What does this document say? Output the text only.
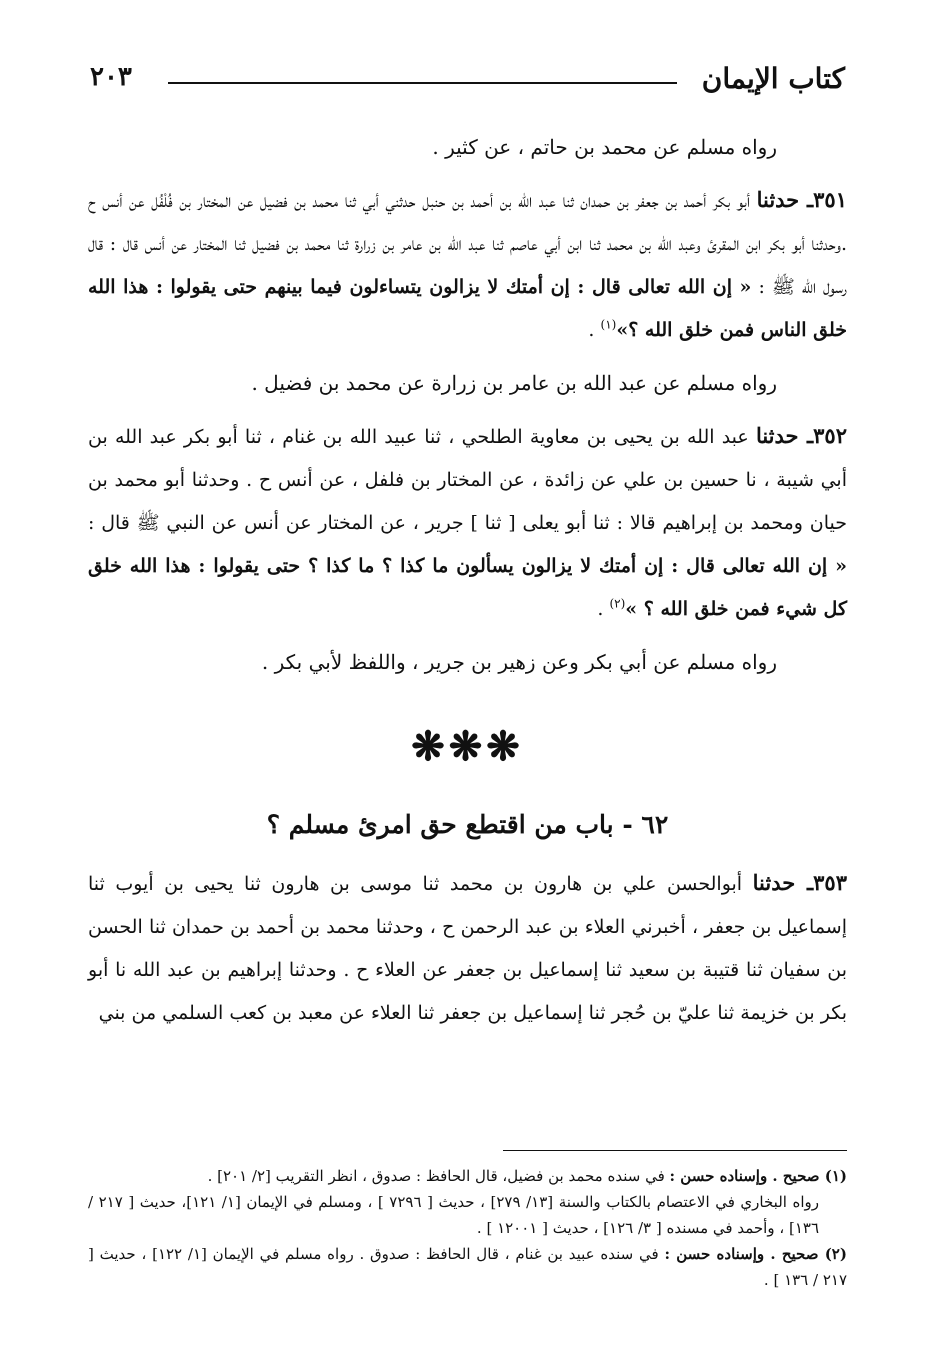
كتاب الإيمان
٢٠٣

رواه مسلم عن محمد بن حاتم ، عن كثير .

٣٥١ـ حدثنا أبو بكر أحمد بن جعفر بن حمدان ثنا عبد الله بن أحمد بن حنبل حدثني أبي ثنا محمد بن فضيل عن المختار بن فُلْفُل عن أنس ح .وحدثنا أبو بكر ابن المقرئ وعبد الله بن محمد ثنا ابن أبي عاصم ثنا عبد الله بن عامر بن زرارة ثنا محمد بن فضيل ثنا المختار عن أنس قال : قال رسول الله ﷺ : « إن الله تعالى قال : إن أمتك لا يزالون يتساءلون فيما بينهم حتى يقولوا : هذا الله خلق الناس فمن خلق الله ؟»$^{(١)}$ .

رواه مسلم عن عبد الله بن عامر بن زرارة عن محمد بن فضيل .

٣٥٢ـ حدثنا عبد الله بن يحيى بن معاوية الطلحي ، ثنا عبيد الله بن غنام ، ثنا أبو بكر عبد الله بن أبي شيبة ، نا حسين بن علي عن زائدة ، عن المختار بن فلفل ، عن أنس ح . وحدثنا أبو محمد بن حيان ومحمد بن إبراهيم قالا : ثنا أبو يعلى [ ثنا ] جرير ، عن المختار عن أنس عن النبي ﷺ قال : « إن الله تعالى قال : إن أمتك لا يزالون يسألون ما كذا ؟ ما كذا ؟ حتى يقولوا : هذا الله خلق كل شيء فمن خلق الله ؟ »$^{(٢)}$ .

رواه مسلم عن أبي بكر وعن زهير بن جرير ، واللفظ لأبي بكر .

❋❋❋
٦٢ - باب من اقتطع حق امرئ مسلم ؟

٣٥٣ـ حدثنا أبوالحسن علي بن هارون بن محمد ثنا موسى بن هارون ثنا يحيى بن أيوب ثنا إسماعيل بن جعفر ، أخبرني العلاء بن عبد الرحمن ح ، وحدثنا محمد بن أحمد بن حمدان ثنا الحسن بن سفيان ثنا قتيبة بن سعيد ثنا إسماعيل بن جعفر عن العلاء ح . وحدثنا إبراهيم بن عبد الله نا أبو بكر بن خزيمة ثنا عليّ بن حُجر ثنا إسماعيل بن جعفر ثنا العلاء عن معبد بن كعب السلمي من بني

(١) صحيح . وإسناده حسن : في سنده محمد بن فضيل، قال الحافظ : صدوق ، انظر التقريب [٢/ ٢٠١] .

رواه البخاري في الاعتصام بالكتاب والسنة [١٣/ ٢٧٩] ، حديث [ ٧٢٩٦ ] ، ومسلم في الإيمان [١/ ١٢١]، حديث [ ٢١٧ / ١٣٦] ، وأحمد في مسنده [ ٣/ ١٢٦] ، حديث [ ١٢٠٠١ ] .

(٢) صحيح . وإسناده حسن : في سنده عبيد بن غنام ، قال الحافظ : صدوق . رواه مسلم في الإيمان [١/ ١٢٢] ، حديث [ ٢١٧ / ١٣٦ ] .
